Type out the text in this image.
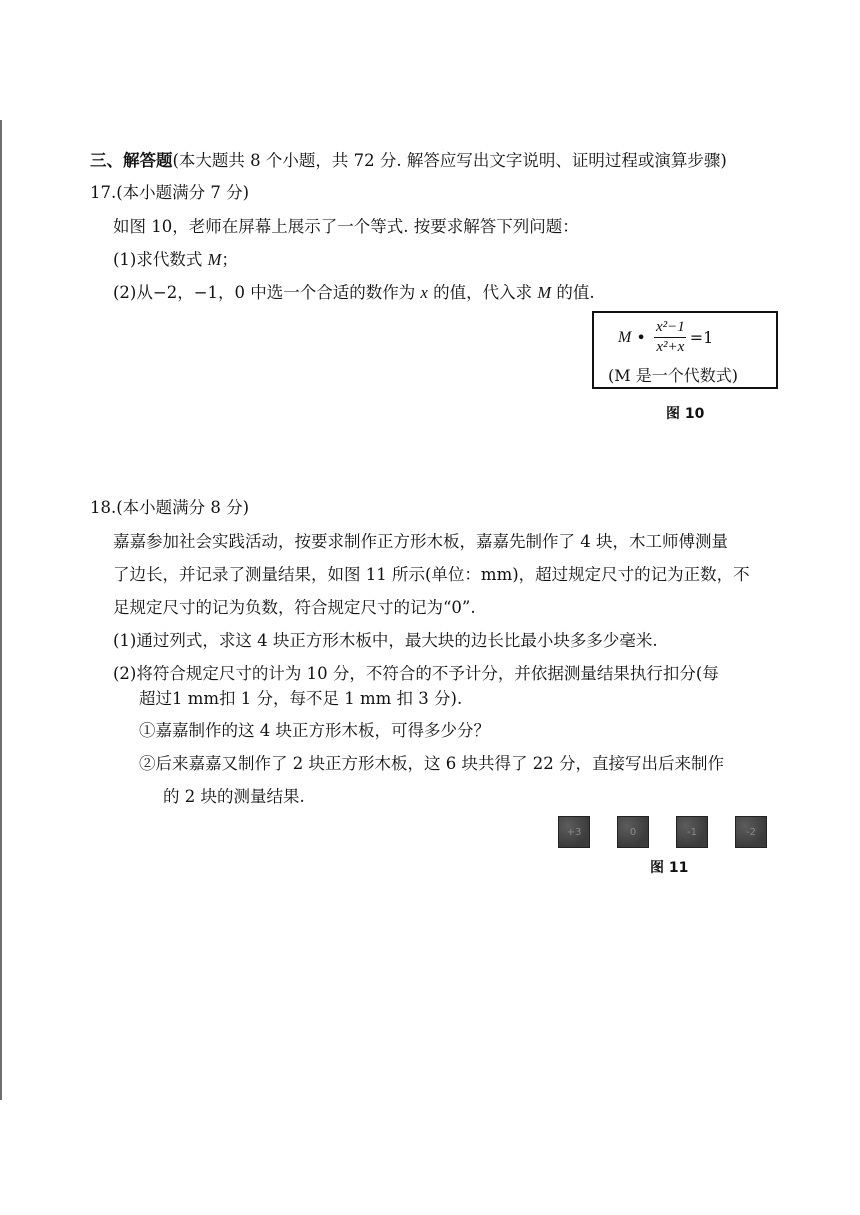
三、解答题(本大题共 8 个小题，共 72 分. 解答应写出文字说明、证明过程或演算步骤)
17.(本小题满分 7 分)
如图 10，老师在屏幕上展示了一个等式. 按要求解答下列问题：
(1)求代数式 M；
(2)从−2，−1，0 中选一个合适的数作为 x 的值，代入求 M 的值.
M • $\frac{\text{x²−1}}{\text{x²+x}} =1$
(M 是一个代数式)
图 10
18.(本小题满分 8 分)
嘉嘉参加社会实践活动，按要求制作正方形木板，嘉嘉先制作了 4 块，木工师傅测量
了边长，并记录了测量结果，如图 11 所示(单位：mm)，超过规定尺寸的记为正数，不
足规定尺寸的记为负数，符合规定尺寸的记为“0”.
(1)通过列式，求这 4 块正方形木板中，最大块的边长比最小块多多少毫米.
(2)将符合规定尺寸的计为 10 分，不符合的不予计分，并依据测量结果执行扣分(每
超过1 mm扣 1 分，每不足 1 mm 扣 3 分).
①嘉嘉制作的这 4 块正方形木板，可得多少分？
②后来嘉嘉又制作了 2 块正方形木板，这 6 块共得了 22 分，直接写出后来制作
的 2 块的测量结果.
+3	0	-1	-2
图 11
